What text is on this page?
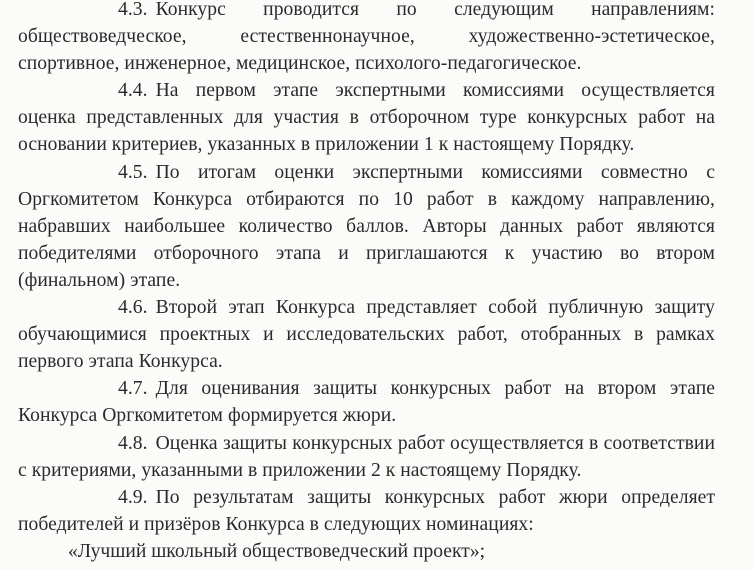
4.3. Конкурс проводится по следующим направлениям: обществоведческое, естественнонаучное, художественно-эстетическое, спортивное, инженерное, медицинское, психолого-педагогическое.

4.4. На первом этапе экспертными комиссиями осуществляется оценка представленных для участия в отборочном туре конкурсных работ на основании критериев, указанных в приложении 1 к настоящему Порядку.

4.5. По итогам оценки экспертными комиссиями совместно с Оргкомитетом Конкурса отбираются по 10 работ в каждому направлению, набравших наибольшее количество баллов. Авторы данных работ являются победителями отборочного этапа и приглашаются к участию во втором (финальном) этапе.

4.6. Второй этап Конкурса представляет собой публичную защиту обучающимися проектных и исследовательских работ, отобранных в рамках первого этапа Конкурса.

4.7. Для оценивания защиты конкурсных работ на втором этапе Конкурса Оргкомитетом формируется жюри.

4.8. Оценка защиты конкурсных работ осуществляется в соответствии с критериями, указанными в приложении 2 к настоящему Порядку.

4.9. По результатам защиты конкурсных работ жюри определяет победителей и призёров Конкурса в следующих номинациях:

«Лучший школьный обществоведческий проект»;
